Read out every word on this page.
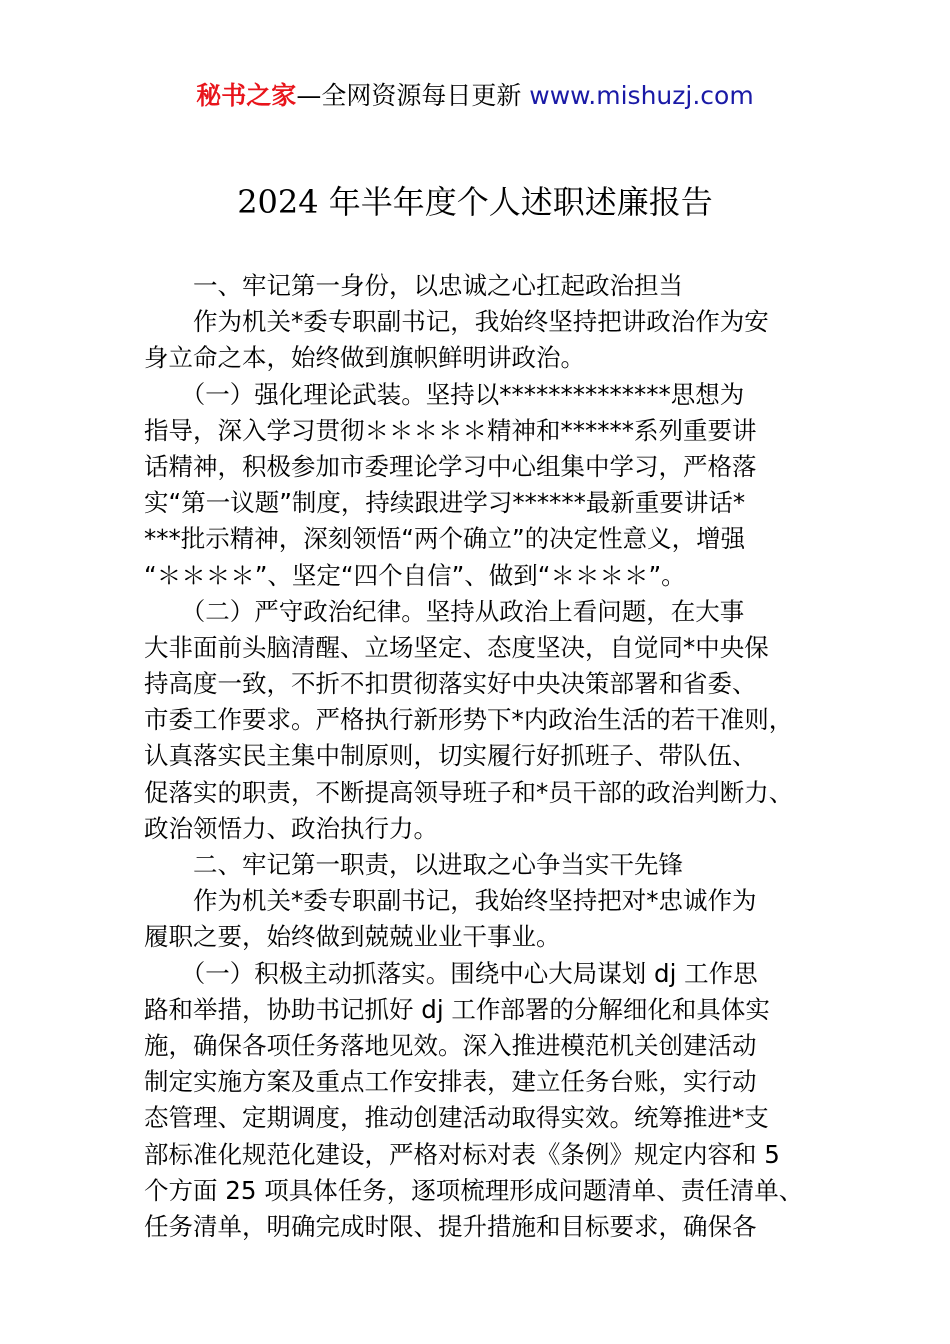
秘书之家—全网资源每日更新 www.mishuzj.com
2024 年半年度个人述职述廉报告
　　一、牢记第一身份，以忠诚之心扛起政治担当
　　作为机关*委专职副书记，我始终坚持把讲政治作为安
身立命之本，始终做到旗帜鲜明讲政治。
　　（一）强化理论武装。坚持以**************思想为
指导，深入学习贯彻＊＊＊＊＊精神和******系列重要讲
话精神，积极参加市委理论学习中心组集中学习，严格落
实“第一议题”制度，持续跟进学习******最新重要讲话*
***批示精神，深刻领悟“两个确立”的决定性意义，增强
“＊＊＊＊”、坚定“四个自信”、做到“＊＊＊＊”。
　　（二）严守政治纪律。坚持从政治上看问题，在大事
大非面前头脑清醒、立场坚定、态度坚决，自觉同*中央保
持高度一致，不折不扣贯彻落实好中央决策部署和省委、
市委工作要求。严格执行新形势下*内政治生活的若干准则，
认真落实民主集中制原则，切实履行好抓班子、带队伍、
促落实的职责，不断提高领导班子和*员干部的政治判断力、
政治领悟力、政治执行力。
　　二、牢记第一职责，以进取之心争当实干先锋
　　作为机关*委专职副书记，我始终坚持把对*忠诚作为
履职之要，始终做到兢兢业业干事业。
　　（一）积极主动抓落实。围绕中心大局谋划 dj 工作思
路和举措，协助书记抓好 dj 工作部署的分解细化和具体实
施，确保各项任务落地见效。深入推进模范机关创建活动
制定实施方案及重点工作安排表，建立任务台账，实行动
态管理、定期调度，推动创建活动取得实效。统筹推进*支
部标准化规范化建设，严格对标对表《条例》规定内容和 5
个方面 25 项具体任务，逐项梳理形成问题清单、责任清单、
任务清单，明确完成时限、提升措施和目标要求，确保各
